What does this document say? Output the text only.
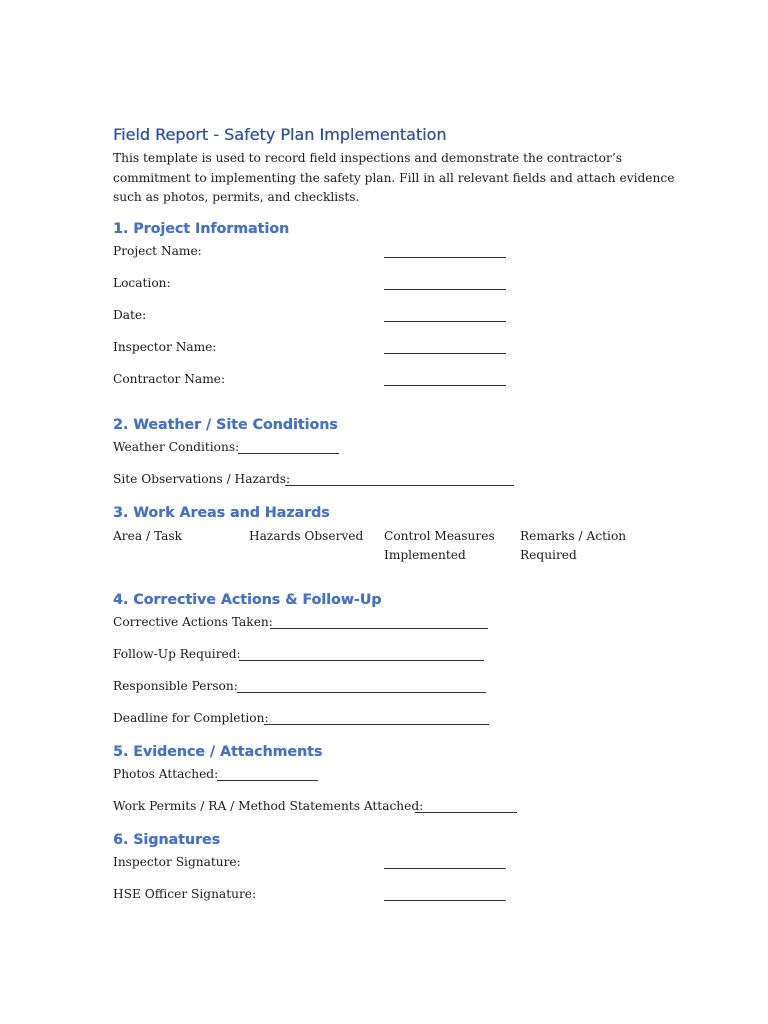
Field Report - Safety Plan Implementation
This template is used to record field inspections and demonstrate the contractor’s
commitment to implementing the safety plan. Fill in all relevant fields and attach evidence
such as photos, permits, and checklists.
1. Project Information
Project Name:
Location:
Date:
Inspector Name:
Contractor Name:
2. Weather / Site Conditions
Weather Conditions:
Site Observations / Hazards:
3. Work Areas and Hazards
Area / Task	Hazards Observed	Control Measures Implemented
Remarks / Action Required
4. Corrective Actions & Follow-Up
Corrective Actions Taken:
Follow-Up Required:
Responsible Person:
Deadline for Completion:
5. Evidence / Attachments
Photos Attached:
Work Permits / RA / Method Statements Attached:
6. Signatures
Inspector Signature:
HSE Officer Signature:
